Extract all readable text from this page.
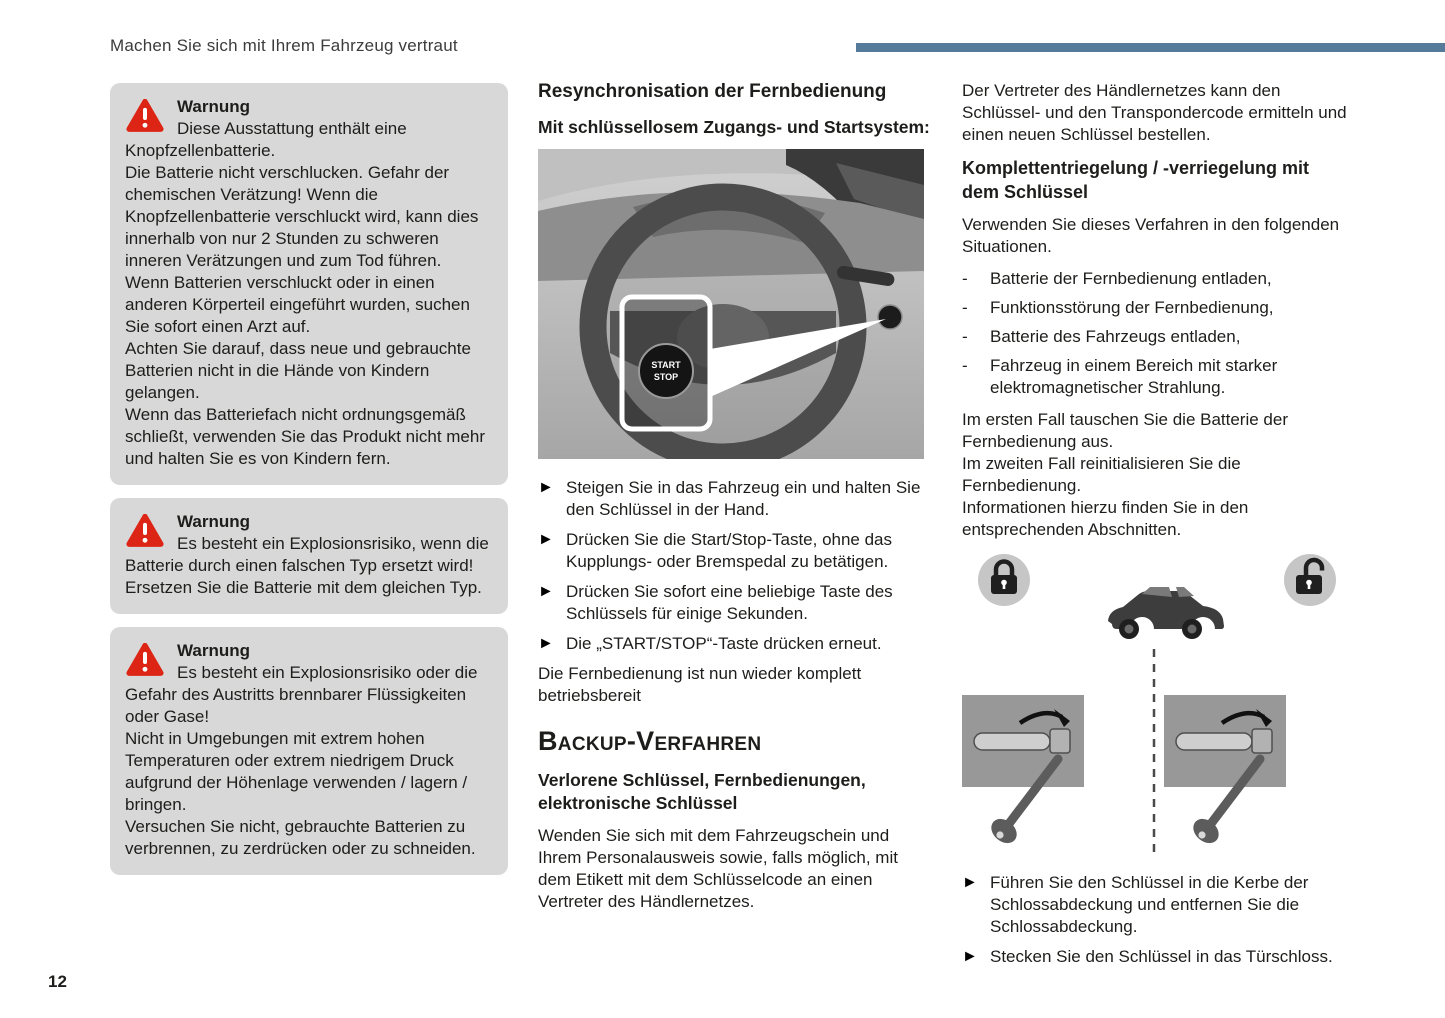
Machen Sie sich mit Ihrem Fahrzeug vertraut

Warnung

Diese Ausstattung enthält eine Knopfzellenbatterie.

Die Batterie nicht verschlucken. Gefahr der chemischen Verätzung! Wenn die Knopfzellenbatterie verschluckt wird, kann dies innerhalb von nur 2 Stunden zu schweren inneren Verätzungen und zum Tod führen.

Wenn Batterien verschluckt oder in einen anderen Körperteil eingeführt wurden, suchen Sie sofort einen Arzt auf.

Achten Sie darauf, dass neue und gebrauchte Batterien nicht in die Hände von Kindern gelangen.

Wenn das Batteriefach nicht ordnungsgemäß schließt, verwenden Sie das Produkt nicht mehr und halten Sie es von Kindern fern.

Warnung

Es besteht ein Explosionsrisiko, wenn die Batterie durch einen falschen Typ ersetzt wird! Ersetzen Sie die Batterie mit dem gleichen Typ.

Warnung

Es besteht ein Explosionsrisiko oder die Gefahr des Austritts brennbarer Flüssigkeiten oder Gase!

Nicht in Umgebungen mit extrem hohen Temperaturen oder extrem niedrigem Druck aufgrund der Höhenlage verwenden / lagern / bringen.

Versuchen Sie nicht, gebrauchte Batterien zu verbrennen, zu zerdrücken oder zu schneiden.

Resynchronisation der Fernbedienung
Mit schlüssellosem Zugangs- und Startsystem:
START
STOP
► Steigen Sie in das Fahrzeug ein und halten Sie den Schlüssel in der Hand.
► Drücken Sie die Start/Stop-Taste, ohne das Kupplungs- oder Bremspedal zu betätigen.
► Drücken Sie sofort eine beliebige Taste des Schlüssels für einige Sekunden.
► Die „START/STOP“-Taste drücken erneut.

Die Fernbedienung ist nun wieder komplett betriebsbereit

Backup-Verfahren
Verlorene Schlüssel, Fernbedienungen, elektronische Schlüssel

Wenden Sie sich mit dem Fahrzeugschein und Ihrem Personalausweis sowie, falls möglich, mit dem Etikett mit dem Schlüsselcode an einen Vertreter des Händlernetzes.

Der Vertreter des Händlernetzes kann den Schlüssel- und den Transpondercode ermitteln und einen neuen Schlüssel bestellen.

Komplettentriegelung / -verriegelung mit dem Schlüssel

Verwenden Sie dieses Verfahren in den folgenden Situationen.

-	Batterie der Fernbedienung entladen,
-	Funktionsstörung der Fernbedienung,
-	Batterie des Fahrzeugs entladen,
-	Fahrzeug in einem Bereich mit starker elektromagnetischer Strahlung.
Im ersten Fall tauschen Sie die Batterie der Fernbedienung aus.
Im zweiten Fall reinitialisieren Sie die Fernbedienung.
Informationen hierzu finden Sie in den entsprechenden Abschnitten.
► Führen Sie den Schlüssel in die Kerbe der Schlossabdeckung und entfernen Sie die Schlossabdeckung.
► Stecken Sie den Schlüssel in das Türschloss.
12
